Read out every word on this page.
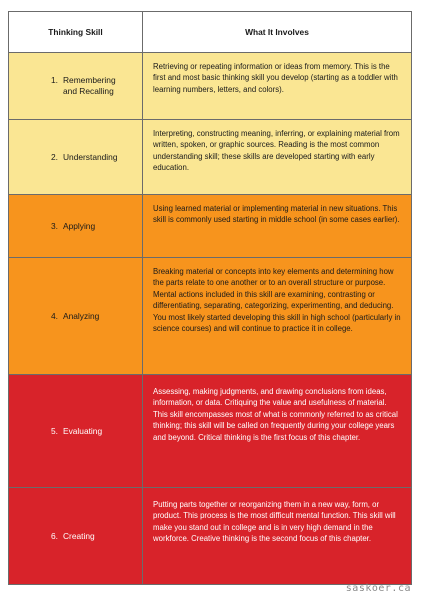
Thinking Skill	What It Involves
1. Remembering
and Recalling
Retrieving or repeating information or ideas from memory. This is the first and most basic thinking skill you develop (starting as a toddler with learning numbers, letters, and colors).
2. Understanding
Interpreting, constructing meaning, inferring, or explaining material from written, spoken, or graphic sources. Reading is the most common understanding skill; these skills are developed starting with early education.
3. Applying
Using learned material or implementing material in new situations. This skill is commonly used starting in middle school (in some cases earlier).
4. Analyzing
Breaking material or concepts into key elements and determining how the parts relate to one another or to an overall structure or purpose. Mental actions included in this skill are examining, contrasting or differentiating, separating, categorizing, experimenting, and deducing. You most likely started developing this skill in high school (particularly in science courses) and will continue to practice it in college.
5. Evaluating
Assessing, making judgments, and drawing conclusions from ideas, information, or data. Critiquing the value and usefulness of material. This skill encompasses most of what is commonly referred to as critical thinking; this skill will be called on frequently during your college years and beyond. Critical thinking is the first focus of this chapter.
6. Creating
Putting parts together or reorganizing them in a new way, form, or product. This process is the most difficult mental function. This skill will make you stand out in college and is in very high demand in the workforce. Creative thinking is the second focus of this chapter.
saskoer.ca
